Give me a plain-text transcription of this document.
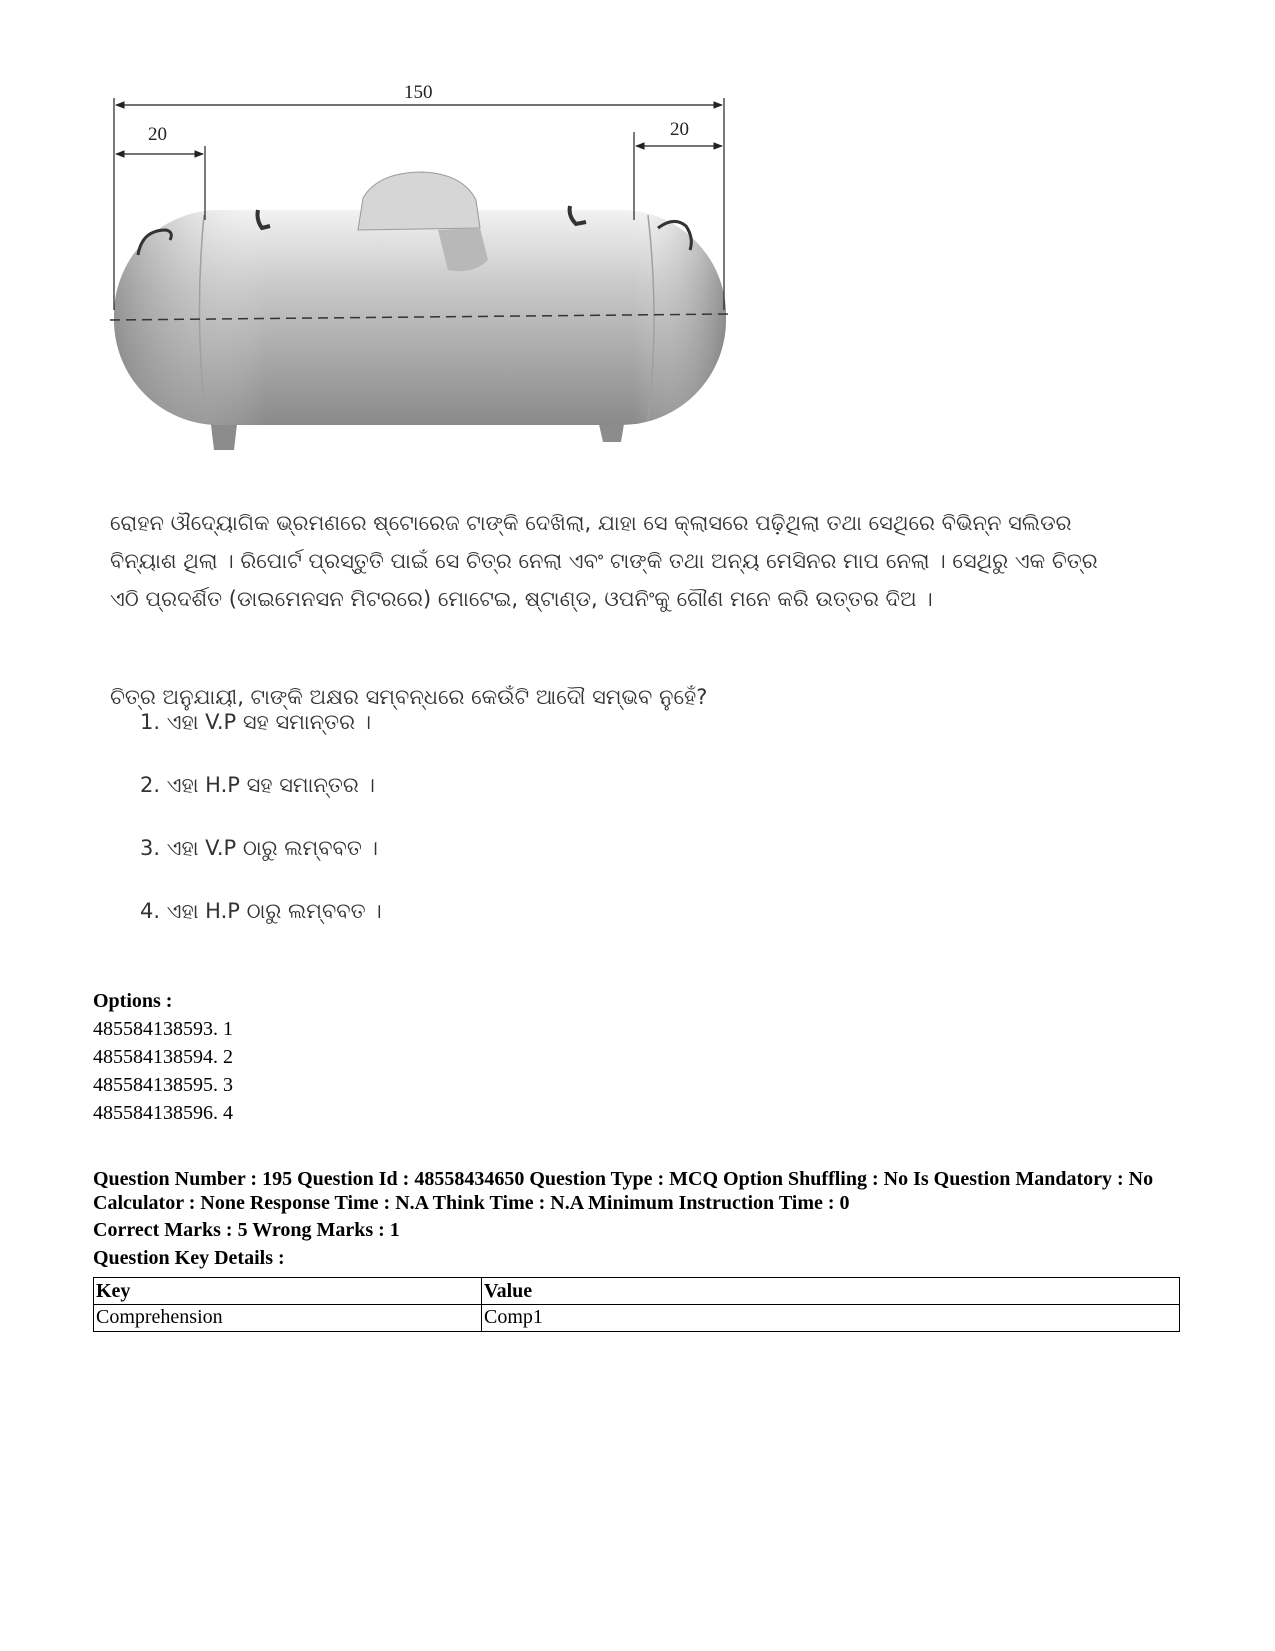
150
20	20
ରୋହନ ଔଦ୍ୟୋଗିକ ଭ୍ରମଣରେ ଷ୍ଟୋରେଜ ଟାଙ୍କି ଦେଖିଲା, ଯାହା ସେ କ୍ଲାସରେ ପଢ଼ିଥିଲା ତଥା ସେଥିରେ ବିଭିନ୍ନ ସଲିଡର ବିନ୍ୟାଶ ଥିଲା । ରିପୋର୍ଟ ପ୍ରସ୍ତୁତି ପାଇଁ ସେ ଚିତ୍ର ନେଲା ଏବଂ ଟାଙ୍କି ତଥା ଅନ୍ୟ ମେସିନର ମାପ ନେଲା । ସେଥିରୁ ଏକ ଚିତ୍ର ଏଠି ପ୍ରଦର୍ଶିତ (ଡାଇମେନସନ ମିଟରରେ) ମୋଟେଇ, ଷ୍ଟାଣ୍ଡ, ଓପନିଂକୁ ଗୌଣ ମନେ କରି ଉତ୍ତର ଦିଅ ।
ଚିତ୍ର ଅନୁଯାୟୀ, ଟାଙ୍କି ଅକ୍ଷର ସମ୍ବନ୍ଧରେ କେଉଁଟି ଆଦୌ ସମ୍ଭବ ନୁହେଁ?
1. ଏହା V.P ସହ ସମାନ୍ତର ।
2. ଏହା H.P ସହ ସମାନ୍ତର ।
3. ଏହା V.P ଠାରୁ ଲମ୍ବବତ ।
4. ଏହା H.P ଠାରୁ ଲମ୍ବବତ ।
Options :
485584138593. 1
485584138594. 2
485584138595. 3
485584138596. 4
Question Number : 195 Question Id : 48558434650 Question Type : MCQ Option Shuffling : No Is Question Mandatory : No Calculator : None Response Time : N.A Think Time : N.A Minimum Instruction Time : 0
Correct Marks : 5 Wrong Marks : 1
Question Key Details :
Key	Value
Comprehension	Comp1
